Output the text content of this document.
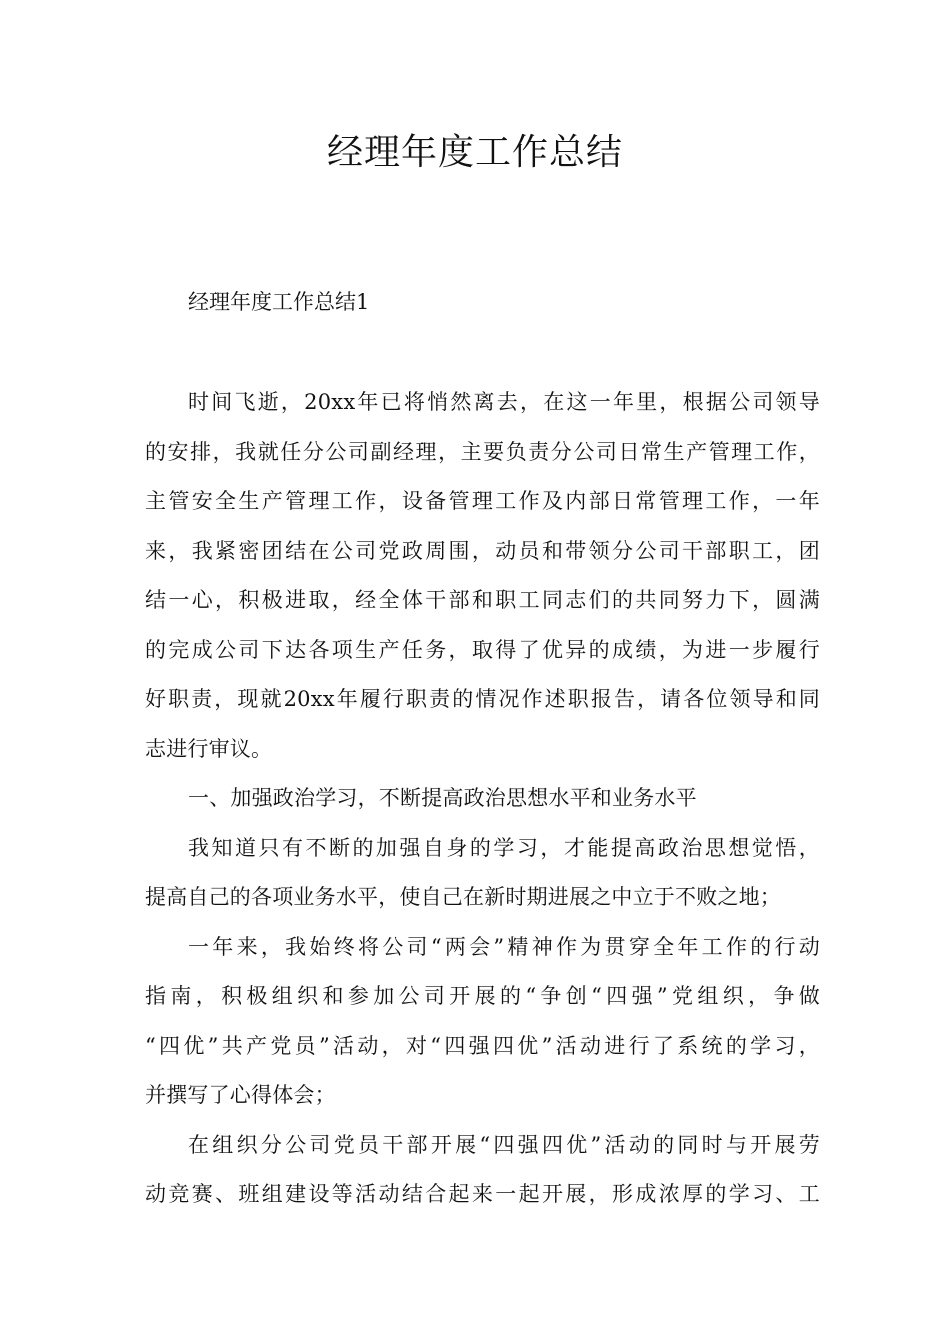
经理年度工作总结
经理年度工作总结1

时间飞逝，20xx年已将悄然离去，在这一年里，根据公司领导
的安排，我就任分公司副经理，主要负责分公司日常生产管理工作，
主管安全生产管理工作，设备管理工作及内部日常管理工作，一年
来，我紧密团结在公司党政周围，动员和带领分公司干部职工，团
结一心，积极进取，经全体干部和职工同志们的共同努力下，圆满
的完成公司下达各项生产任务，取得了优异的成绩，为进一步履行
好职责，现就20xx年履行职责的情况作述职报告，请各位领导和同
志进行审议。

一、加强政治学习，不断提高政治思想水平和业务水平

我知道只有不断的加强自身的学习，才能提高政治思想觉悟，
提高自己的各项业务水平，使自己在新时期进展之中立于不败之地；

一年来，我始终将公司“两会”精神作为贯穿全年工作的行动
指南，积极组织和参加公司开展的“争创“四强”党组织，争做
“四优”共产党员”活动，对“四强四优”活动进行了系统的学习，
并撰写了心得体会；

在组织分公司党员干部开展“四强四优”活动的同时与开展劳
动竞赛、班组建设等活动结合起来一起开展，形成浓厚的学习、工
